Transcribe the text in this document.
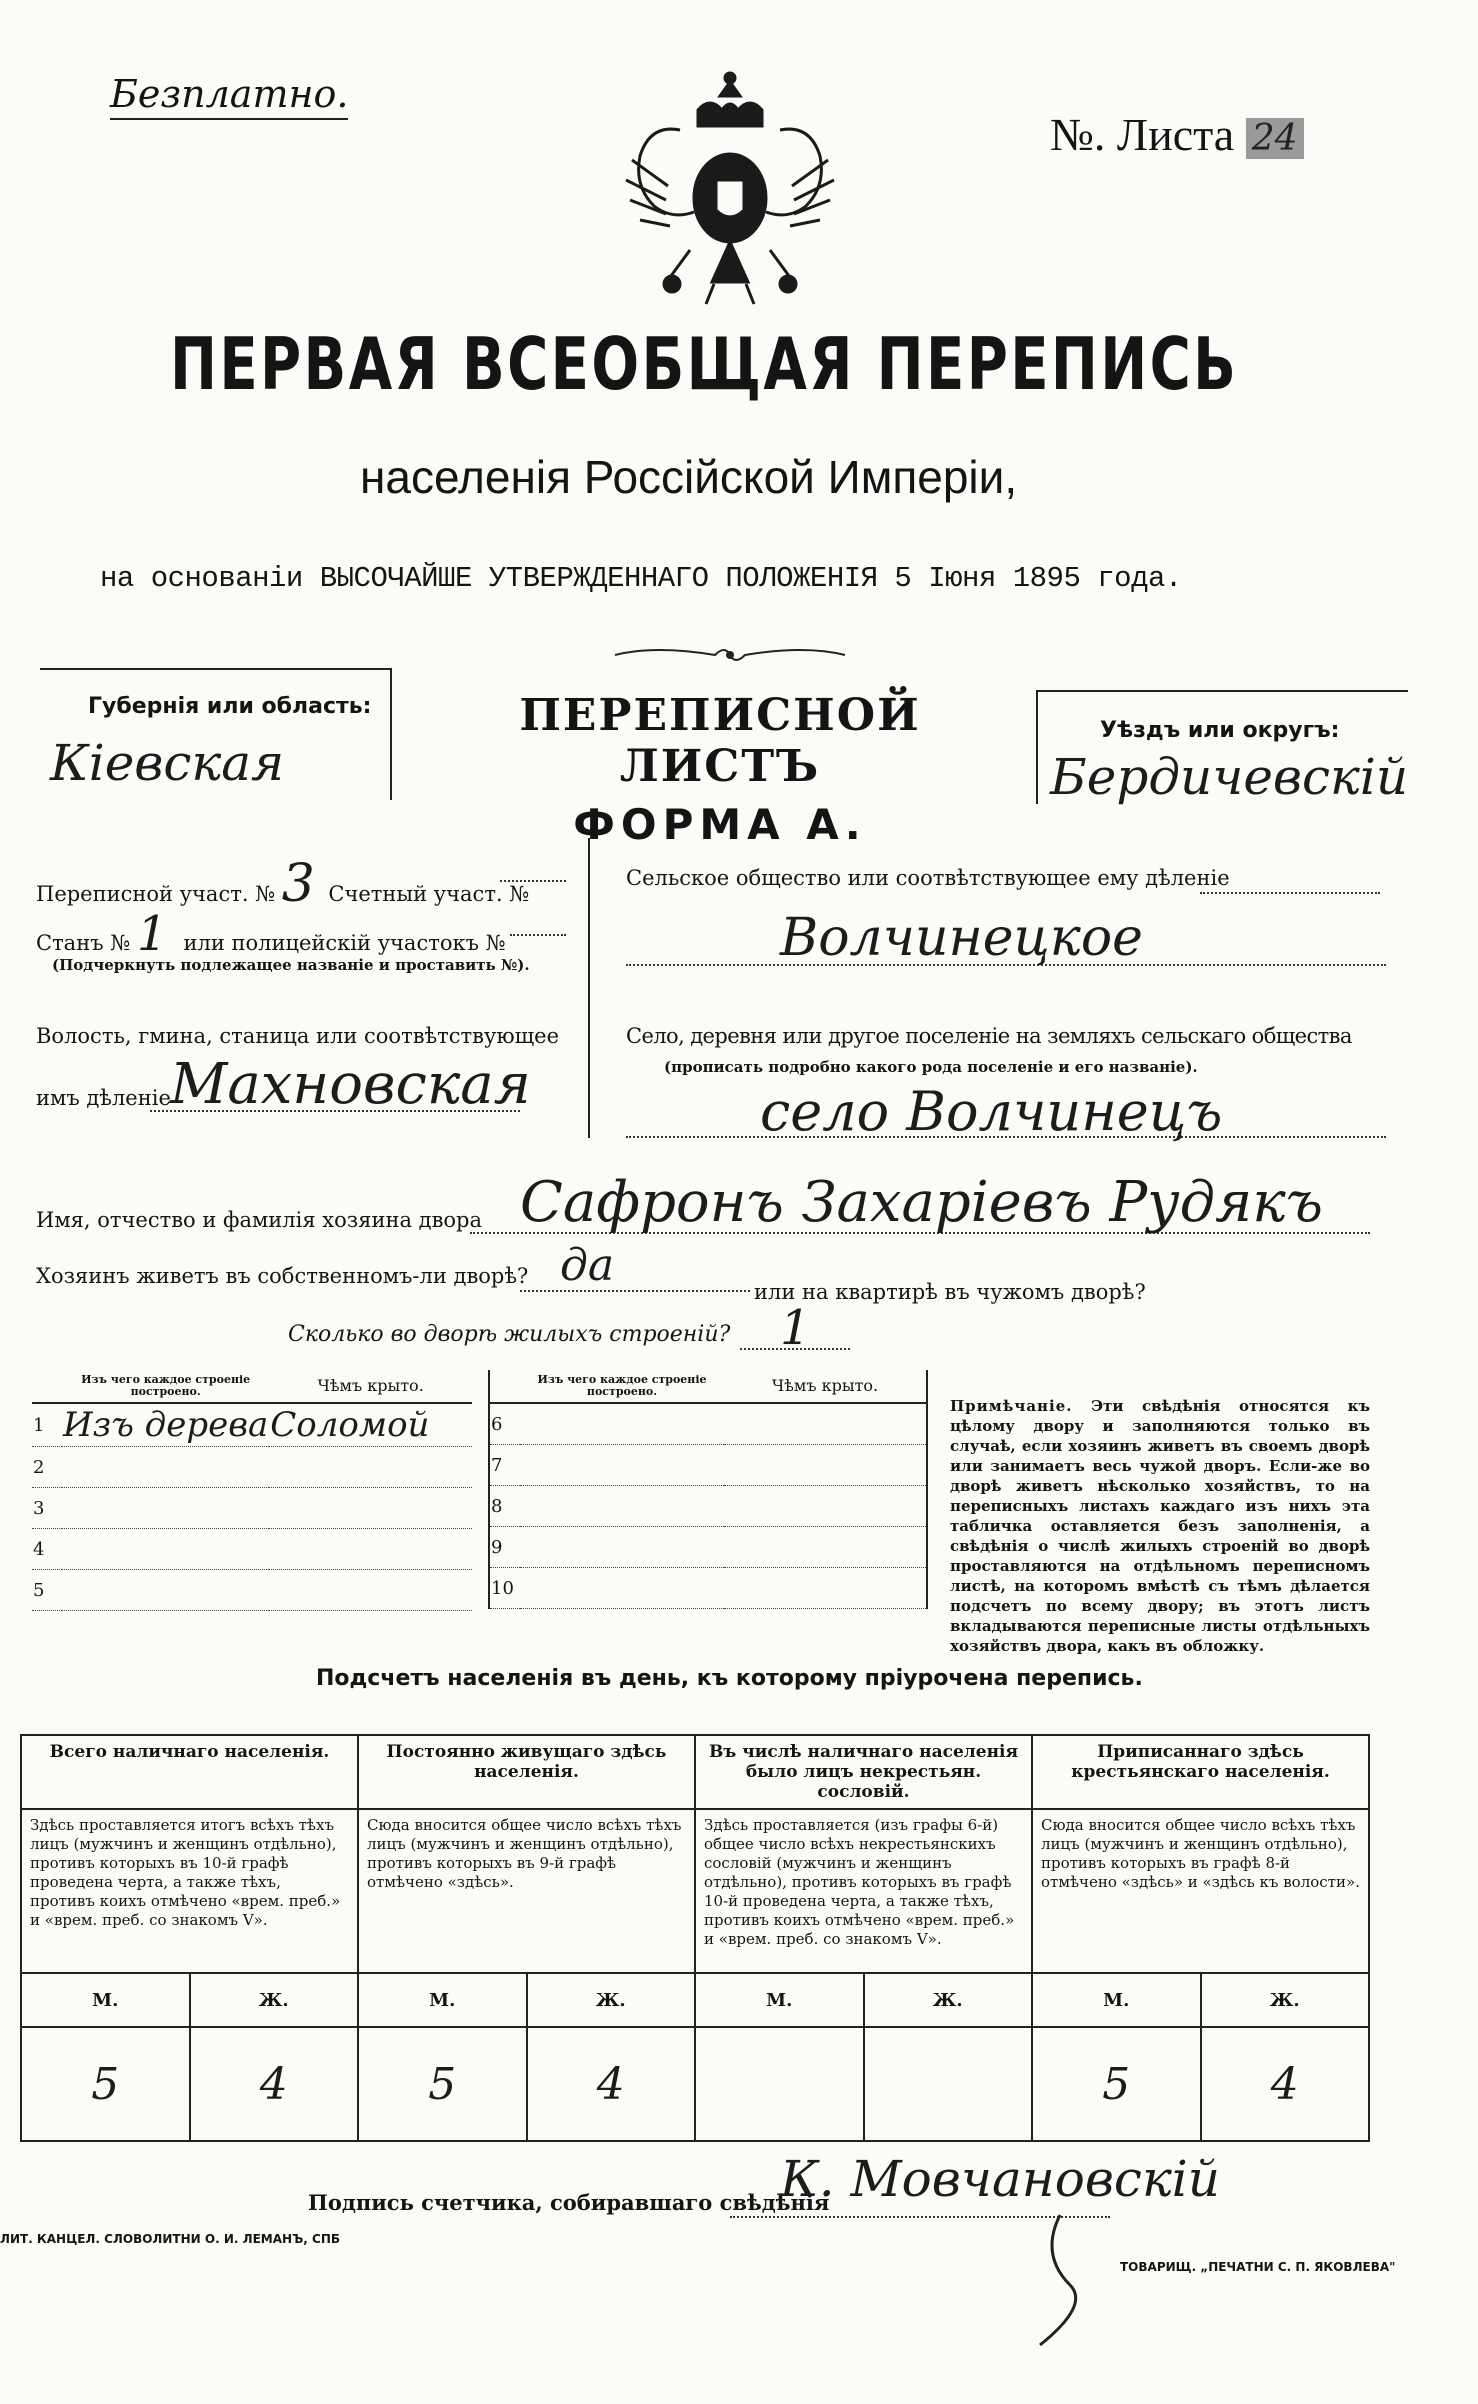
Безплатно.
№. Листа 24
ПЕРВАЯ ВСЕОБЩАЯ ПЕРЕПИСЬ
населенія Россійской Имперіи,
на основаніи ВЫСОЧАЙШЕ УТВЕРЖДЕННАГО ПОЛОЖЕНІЯ 5 Іюня 1895 года.
Губернія или область:
Кіевская
ПЕРЕПИСНОЙ ЛИСТЪ
ФОРМА А.
Уѣздъ или округъ:
Бердичевскій
Переписной участ. № 3 Счетный участ. №
Станъ № 1 или полицейскій участокъ №
(Подчеркнуть подлежащее названіе и проставить №).
Волость, гмина, станица или соотвѣтствующее
имъ дѣленіе Махновская
Сельское общество или соотвѣтствующее ему дѣленіе
Волчинецкое
Село, деревня или другое поселеніе на земляхъ сельскаго общества
(прописать подробно какого рода поселеніе и его названіе).
село Волчинецъ
Имя, отчество и фамилія хозяина двора Сафронъ Захарiевъ Рудякъ
Хозяинъ живетъ въ собственномъ-ли дворѣ? да
или на квартирѣ въ чужомъ дворѣ?
Сколько во дворѣ жилыхъ строеній? 1
	Изъ чего каждое строеніе построено.	Чѣмъ крыто.
1	Изъ дерева	Соломой
2		
3		
4		
5		
	Изъ чего каждое строеніе построено.	Чѣмъ крыто.
6		
7		
8		
9		
10		
Примѣчаніе. Эти свѣдѣнія относятся къ цѣлому двору и заполняются только въ случаѣ, если хозяинъ живетъ въ своемъ дворѣ или занимаетъ весь чужой дворъ. Если-же во дворѣ живетъ нѣсколько хозяйствъ, то на переписныхъ листахъ каждаго изъ нихъ эта табличка оставляется безъ заполненія, а свѣдѣнія о числѣ жилыхъ строеній во дворѣ проставляются на отдѣльномъ переписномъ листѣ, на которомъ вмѣстѣ съ тѣмъ дѣлается подсчетъ по всему двору; въ этотъ листъ вкладываются переписные листы отдѣльныхъ хозяйствъ двора, какъ въ обложку.
Подсчетъ населенія въ день, къ которому пріурочена перепись.
Всего наличнаго населенія.		Постоянно живущаго здѣсь населенія.		Въ числѣ наличнаго населенія было лицъ некрестьян. сословій.		Приписаннаго здѣсь крестьянскаго населенія.	
Здѣсь проставляется итогъ всѣхъ тѣхъ лицъ (мужчинъ и женщинъ отдѣльно), противъ которыхъ въ 10-й графѣ проведена черта, а также тѣхъ, противъ коихъ отмѣчено «врем. преб.» и «врем. преб. со знакомъ V».		Сюда вносится общее число всѣхъ тѣхъ лицъ (мужчинъ и женщинъ отдѣльно), противъ которыхъ въ 9-й графѣ отмѣчено «здѣсь».		Здѣсь проставляется (изъ графы 6-й) общее число всѣхъ некрестьянскихъ сословій (мужчинъ и женщинъ отдѣльно), противъ которыхъ въ графѣ 10-й проведена черта, а также тѣхъ, противъ коихъ отмѣчено «врем. преб.» и «врем. преб. со знакомъ V».		Сюда вносится общее число всѣхъ тѣхъ лицъ (мужчинъ и женщинъ отдѣльно), противъ которыхъ въ графѣ 8-й отмѣчено «здѣсь» и «здѣсь къ волости».	
М.	Ж.	М.	Ж.	М.	Ж.	М.	Ж.
5	4	5	4			5	4
Подпись счетчика, собиравшаго свѣдѣнія
К. Мовчановскій
ЛИТ. КАНЦЕЛ. СЛОВОЛИТНИ О. И. ЛЕМАНЪ, СПБ
ТОВАРИЩ. „ПЕЧАТНИ С. П. ЯКОВЛЕВА"
